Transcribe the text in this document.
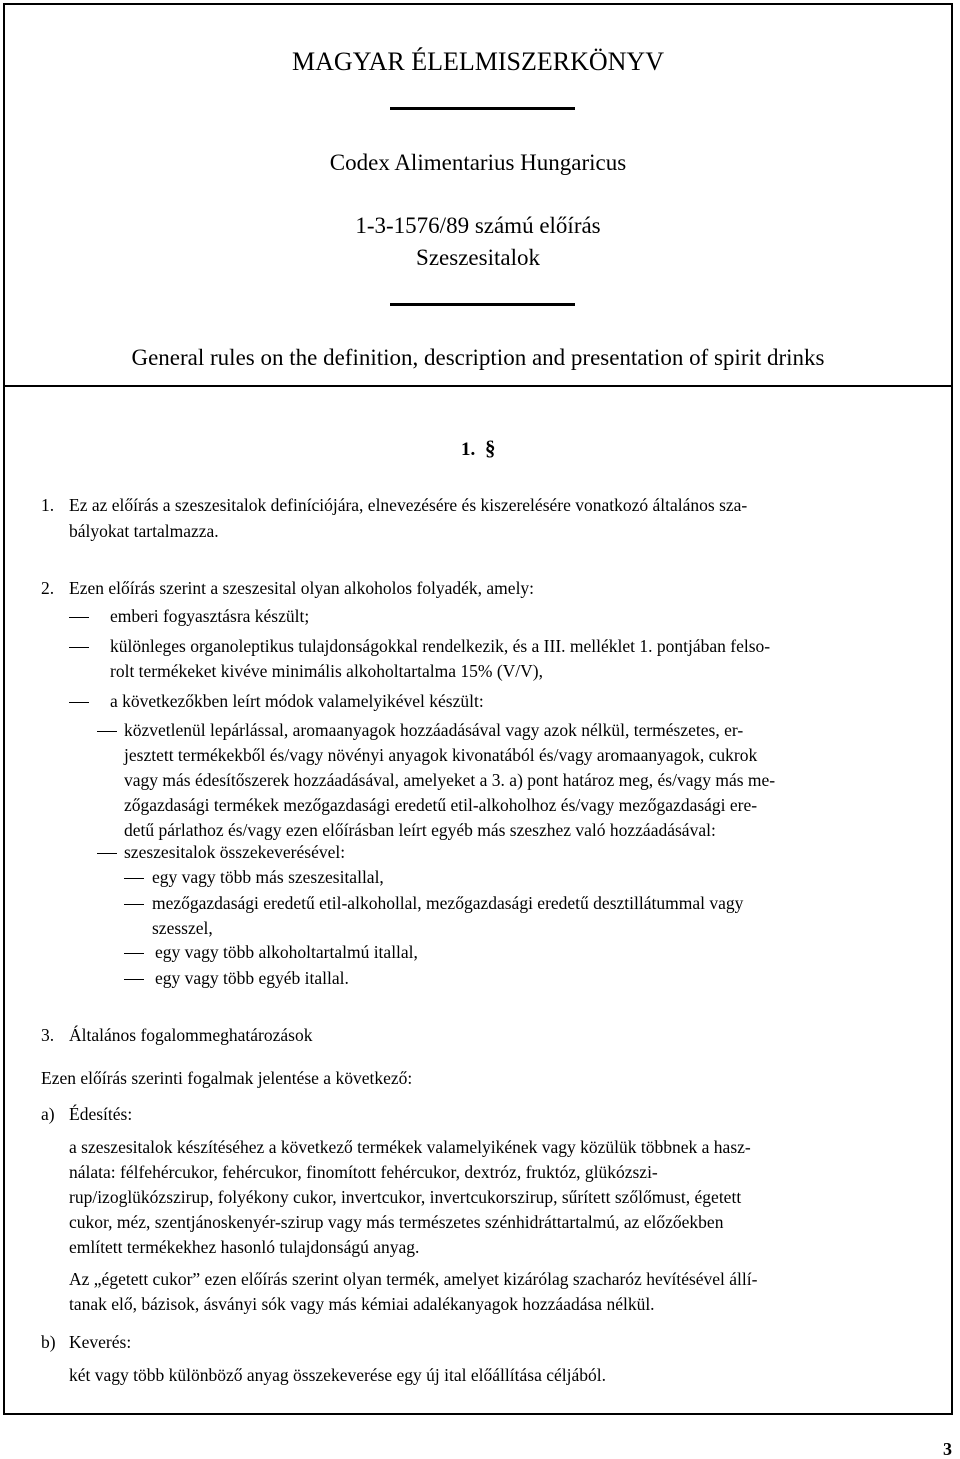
MAGYAR ÉLELMISZERKÖNYV
Codex Alimentarius Hungaricus
1-3-1576/89 számú előírás
Szeszesitalok
General rules on the definition, description and presentation of spirit drinks
1. §
1. Ez az előírás a szeszesitalok definíciójára, elnevezésére és kiszerelésére vonatkozó általános sza-
bályokat tartalmazza.
2. Ezen előírás szerint a szeszesital olyan alkoholos folyadék, amely:
emberi fogyasztásra készült;
különleges organoleptikus tulajdonságokkal rendelkezik, és a III. melléklet 1. pontjában felso-
rolt termékeket kivéve minimális alkoholtartalma 15% (V/V),
a következőkben leírt módok valamelyikével készült:
közvetlenül lepárlással, aromaanyagok hozzáadásával vagy azok nélkül, természetes, er-
jesztett termékekből és/vagy növényi anyagok kivonatából és/vagy aromaanyagok, cukrok
vagy más édesítőszerek hozzáadásával, amelyeket a 3. a) pont határoz meg, és/vagy más me-
zőgazdasági termékek mezőgazdasági eredetű etil-alkoholhoz és/vagy mezőgazdasági ere-
detű párlathoz és/vagy ezen előírásban leírt egyéb más szeszhez való hozzáadásával:
szeszesitalok összekeverésével:
egy vagy több más szeszesitallal,
mezőgazdasági eredetű etil-alkohollal, mezőgazdasági eredetű desztillátummal vagy
szesszel,
egy vagy több alkoholtartalmú itallal,
egy vagy több egyéb itallal.
3. Általános fogalommeghatározások
Ezen előírás szerinti fogalmak jelentése a következő:
a) Édesítés:
a szeszesitalok készítéséhez a következő termékek valamelyikének vagy közülük többnek a hasz-
nálata: félfehércukor, fehércukor, finomított fehércukor, dextróz, fruktóz, glükózszi-
rup/izoglükózszirup, folyékony cukor, invertcukor, invertcukorszirup, sűrített szőlőmust, égetett
cukor, méz, szentjánoskenyér-szirup vagy más természetes szénhidráttartalmú, az előzőekben
említett termékekhez hasonló tulajdonságú anyag.
Az „égetett cukor” ezen előírás szerint olyan termék, amelyet kizárólag szacharóz hevítésével állí-
tanak elő, bázisok, ásványi sók vagy más kémiai adalékanyagok hozzáadása nélkül.
b) Keverés:
két vagy több különböző anyag összekeverése egy új ital előállítása céljából.
3
